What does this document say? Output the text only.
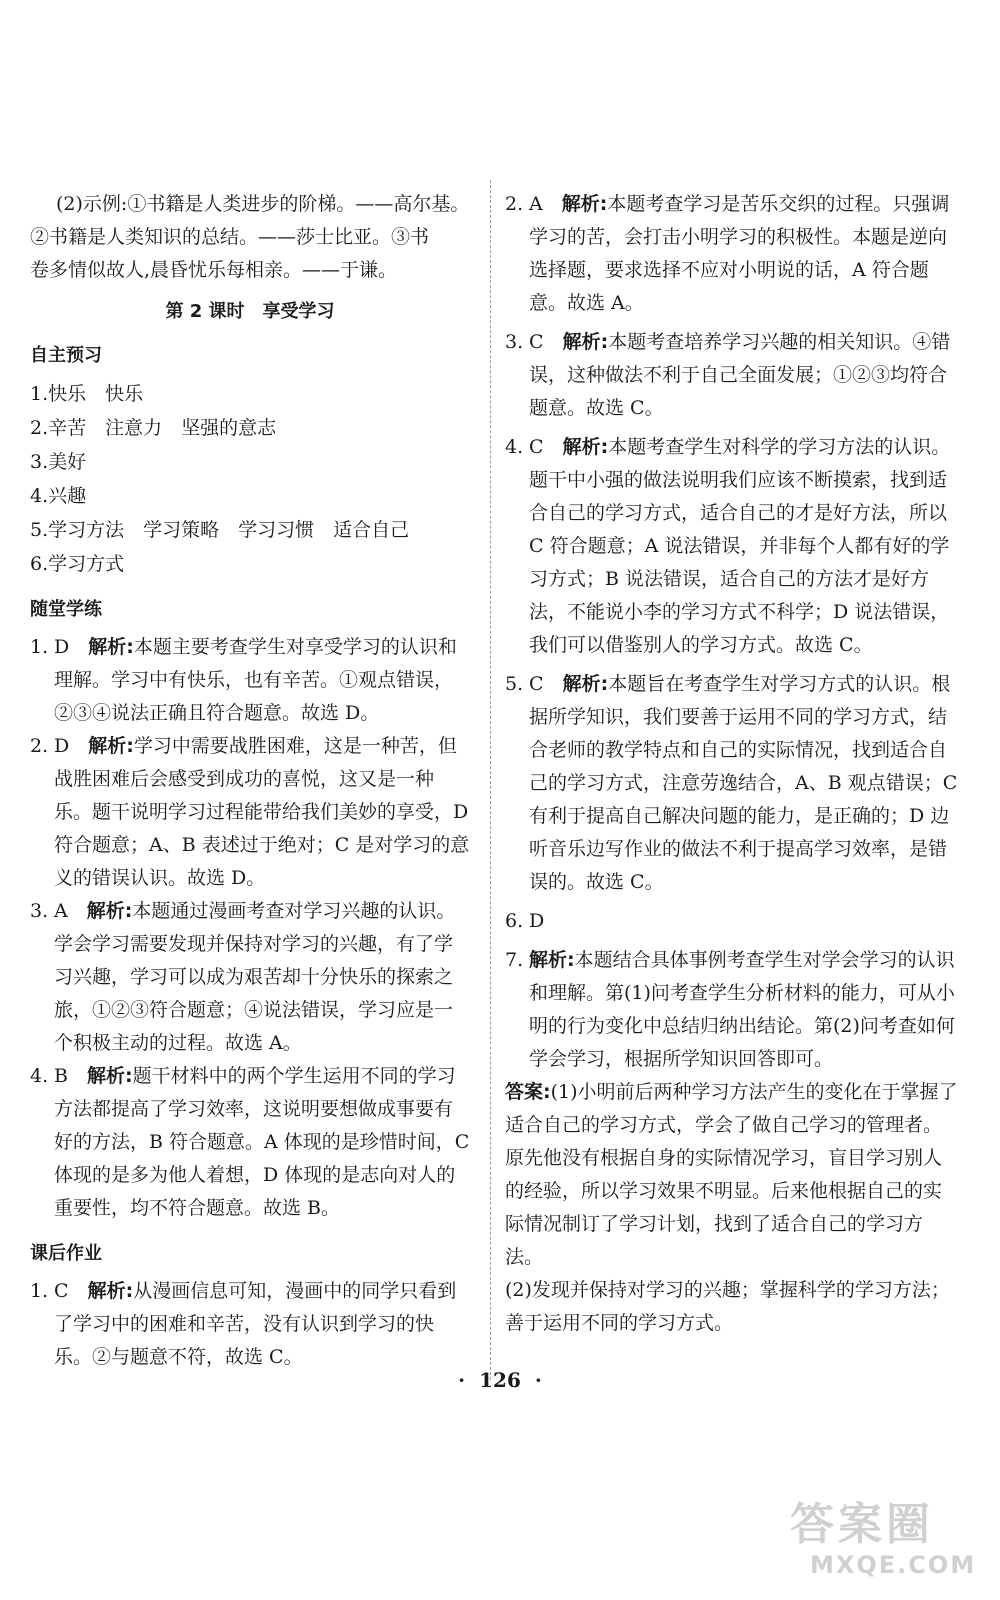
(2)示例:①书籍是人类进步的阶梯。——高尔基。

②书籍是人类知识的总结。——莎士比亚。③书

卷多情似故人,晨昏忧乐每相亲。——于谦。

第 2 课时　享受学习
自主预习

1.快乐　快乐

2.辛苦　注意力　坚强的意志

3.美好

4.兴趣

5.学习方法　学习策略　学习习惯　适合自己

6.学习方式

随堂学练

1. D　 解析:本题主要考查学生对享受学习的认识和理解。学习中有快乐，也有辛苦。①观点错误，②③④说法正确且符合题意。故选 D。

2. D　 解析:学习中需要战胜困难，这是一种苦，但战胜困难后会感受到成功的喜悦，这又是一种乐。题干说明学习过程能带给我们美妙的享受，D 符合题意；A、B 表述过于绝对；C 是对学习的意义的错误认识。故选 D。

3. A　 解析:本题通过漫画考查对学习兴趣的认识。学会学习需要发现并保持对学习的兴趣，有了学习兴趣，学习可以成为艰苦却十分快乐的探索之旅，①②③符合题意；④说法错误，学习应是一个积极主动的过程。故选 A。

4. B　 解析:题干材料中的两个学生运用不同的学习方法都提高了学习效率，这说明要想做成事要有好的方法，B 符合题意。A 体现的是珍惜时间，C 体现的是多为他人着想，D 体现的是志向对人的重要性，均不符合题意。故选 B。

课后作业

1. C　 解析:从漫画信息可知，漫画中的同学只看到了学习中的困难和辛苦，没有认识到学习的快乐。②与题意不符，故选 C。

2. A　 解析:本题考查学习是苦乐交织的过程。只强调学习的苦，会打击小明学习的积极性。本题是逆向选择题，要求选择不应对小明说的话，A 符合题意。故选 A。

3. C　 解析:本题考查培养学习兴趣的相关知识。④错误，这种做法不利于自己全面发展；①②③均符合题意。故选 C。

4. C　 解析:本题考查学生对科学的学习方法的认识。题干中小强的做法说明我们应该不断摸索，找到适合自己的学习方式，适合自己的才是好方法，所以 C 符合题意；A 说法错误，并非每个人都有好的学习方式；B 说法错误，适合自己的方法才是好方法，不能说小李的学习方式不科学；D 说法错误，我们可以借鉴别人的学习方式。故选 C。

5. C　 解析:本题旨在考查学生对学习方式的认识。根据所学知识，我们要善于运用不同的学习方式，结合老师的教学特点和自己的实际情况，找到适合自己的学习方式，注意劳逸结合，A、B 观点错误；C 有利于提高自己解决问题的能力，是正确的；D 边听音乐边写作业的做法不利于提高学习效率，是错误的。故选 C。

6. D

7. 解析:本题结合具体事例考查学生对学会学习的认识和理解。第(1)问考查学生分析材料的能力，可从小明的行为变化中总结归纳出结论。第(2)问考查如何学会学习，根据所学知识回答即可。

答案:(1)小明前后两种学习方法产生的变化在于掌握了适合自己的学习方式，学会了做自己学习的管理者。原先他没有根据自身的实际情况学习，盲目学习别人的经验，所以学习效果不明显。后来他根据自己的实际情况制订了学习计划，找到了适合自己的学习方法。

(2)发现并保持对学习的兴趣；掌握科学的学习方法；善于运用不同的学习方式。

· 126 ·
答案圈
MXQE.COM
